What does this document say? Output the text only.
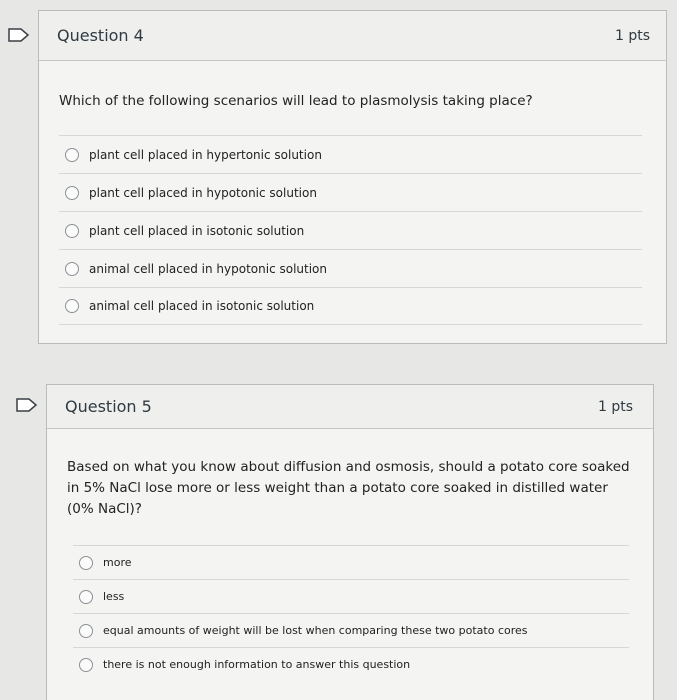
Question 4	1 pts
Which of the following scenarios will lead to plasmolysis taking place?
plant cell placed in hypertonic solution
plant cell placed in hypotonic solution
plant cell placed in isotonic solution
animal cell placed in hypotonic solution
animal cell placed in isotonic solution
Question 5	1 pts
Based on what you know about diffusion and osmosis, should a potato core soaked in 5% NaCl lose more or less weight than a potato core soaked in distilled water (0% NaCl)?
more
less
equal amounts of weight will be lost when comparing these two potato cores
there is not enough information to answer this question
